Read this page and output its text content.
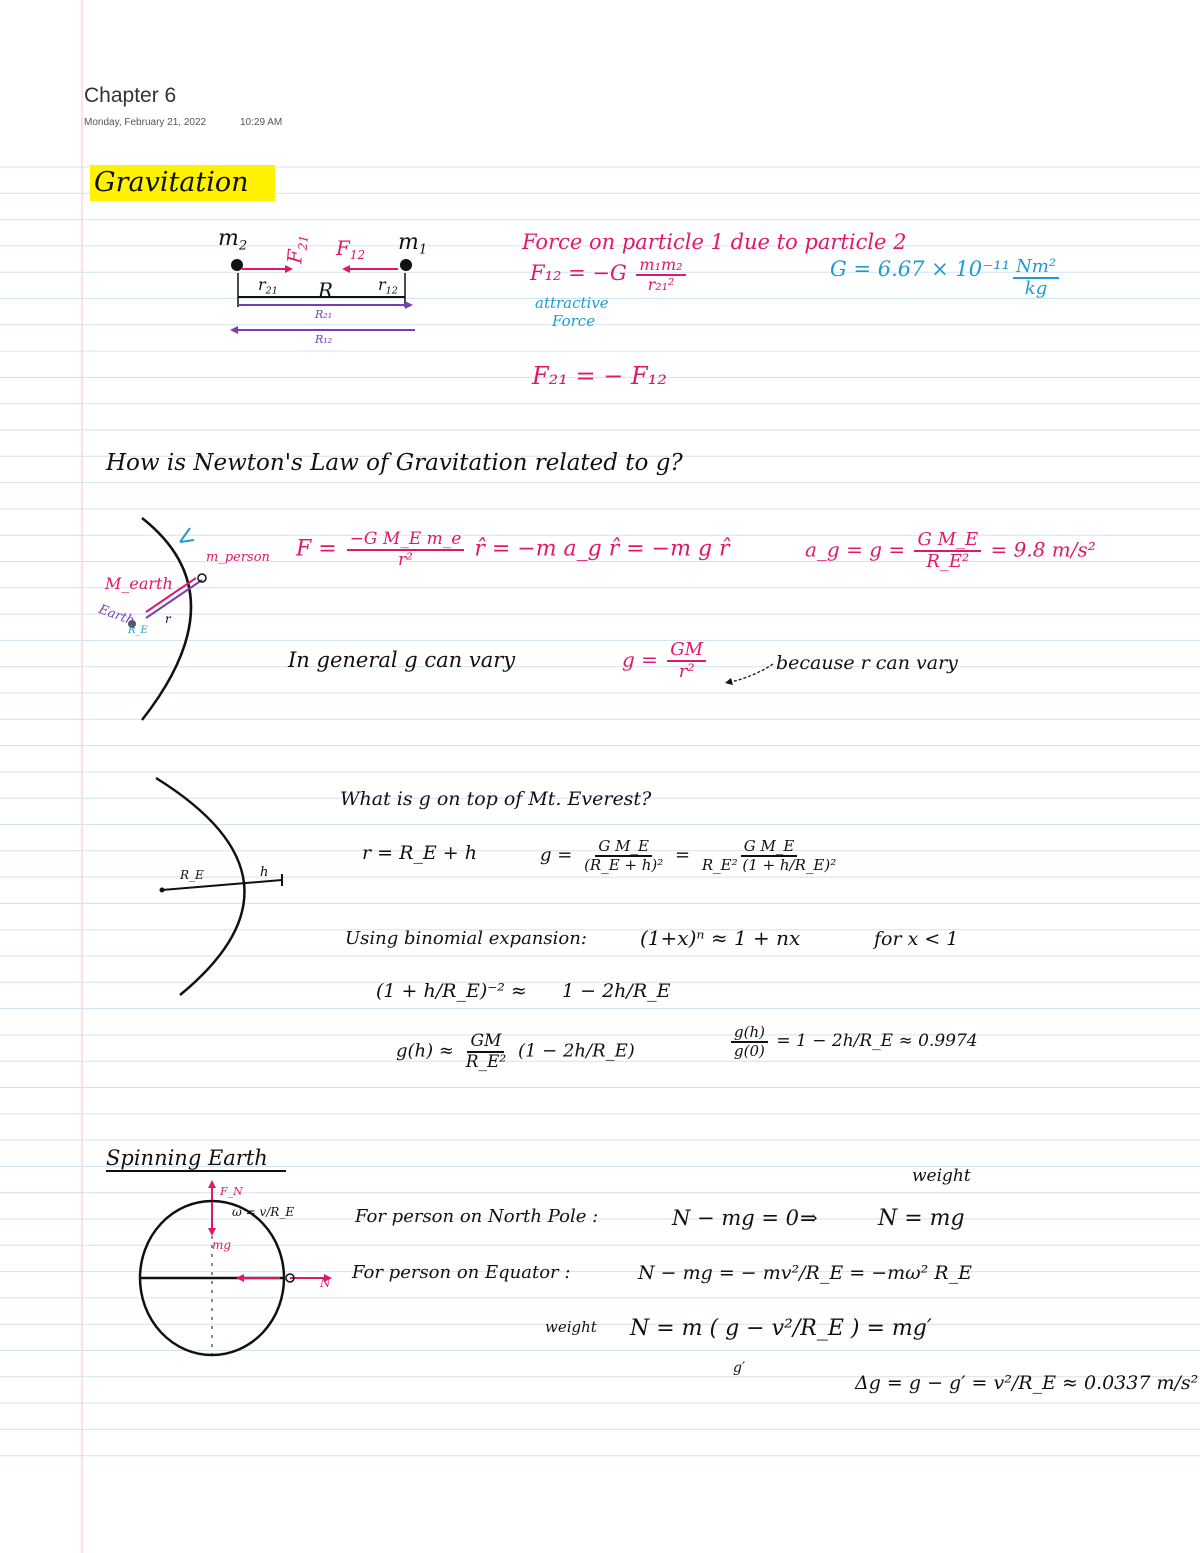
Chapter 6
Monday, February 21, 2022	10:29 AM
Gravitation
$m_2$	$m_1$
$F_{21}$ $F_{12}$
$r_{21}$ R	$r_{12}$
R₂₁
R₁₂
Force on particle 1 due to particle 2
$F_{12} = -G \frac{\text{m₁m₂}}{\text{r₂₁²}}$
attractive
Force
$G = 6.67 \times 10^{-11} \frac{\text{Nm²}}{kg}$
F₂₁ = − F₁₂
How is Newton's Law of Gravitation related to g?
m_person
M_earth
Earth r
R_E
$F = \frac{\text{−G M\_E m\_e}}{\text{r²}}$ r̂ = −m a_g r̂ = −m g r̂	a_g = $g = \frac{\text{G M\_E}}{\text{R\_E²}} = 9.8$ m/s²
In general g can vary	$g = \frac{GM}{\text{r²}}$	because r can vary
R_E	h
What is g on top of Mt. Everest?
r = R_E + h	$g = \frac{\text{G M\_E}}{\text{(R\_E + h)²}} = \frac{\text{G M\_E}}{\text{R\_E² (1 + h/R\_E)²}}$
Using binomial expansion:	(1+x)ⁿ ≈ 1 + nx	for x < 1
(1 + h/R_E)⁻² ≈ 1 − 2h/R_E
$g(h) \approx \frac{GM}{\text{R\_E²}} (1$ − 2h/R_E)	$\frac{g(h)}{g(0)} = 1$ − 2h/R_E ≈ 0.9974
Spinning Earth
F_N
ω = v/R_E
mg
N
For person on North Pole :	N − mg = 0 ⇒	N = mg
weight
For person on Equator :	N − mg = − mv²/R_E = −mω² R_E
weight N = m ( g − v²/R_E ) = mg′
g′
Δg = g − g′ = v²/R_E ≈ 0.0337 m/s²
